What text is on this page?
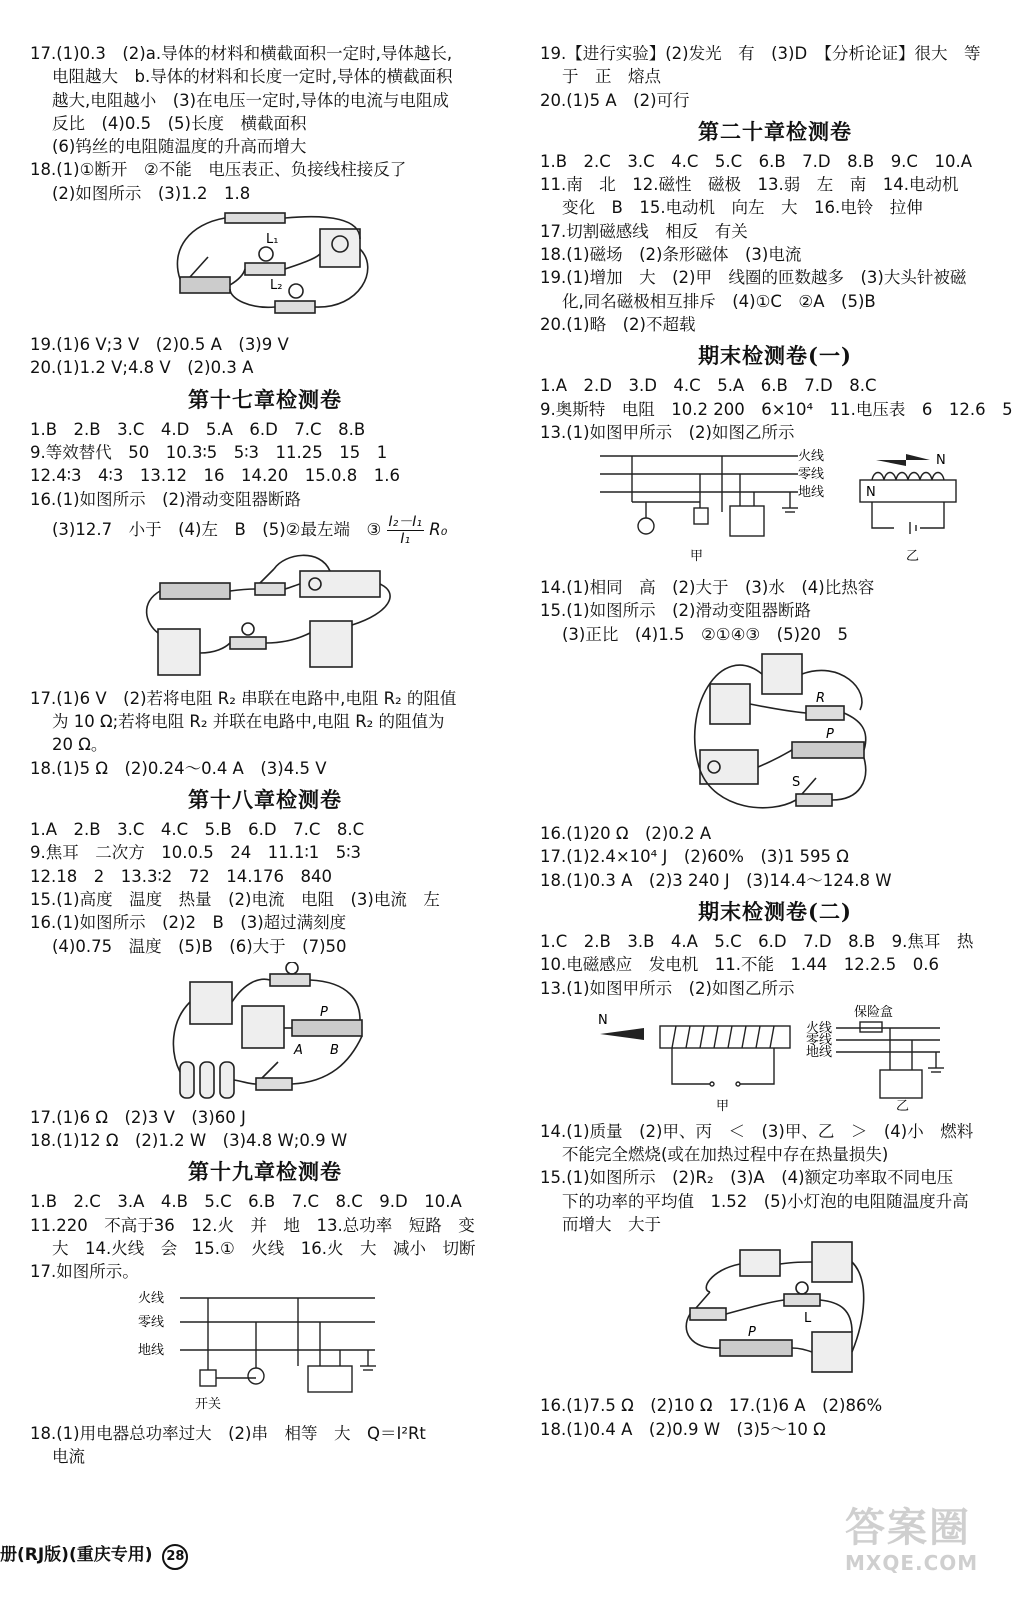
17.(1)0.3　(2)a.导体的材料和横截面积一定时,导体越长,
电阻越大　b.导体的材料和长度一定时,导体的横截面积
越大,电阻越小　(3)在电压一定时,导体的电流与电阻成
反比　(4)0.5　(5)长度　横截面积
(6)钨丝的电阻随温度的升高而增大
18.(1)①断开　②不能　电压表正、负接线柱接反了
(2)如图所示　(3)1.2　1.8
L₁
L₂
19.(1)6 V;3 V　(2)0.5 A　(3)9 V
20.(1)1.2 V;4.8 V　(2)0.3 A
第十七章检测卷
1.B　2.B　3.C　4.D　5.A　6.D　7.C　8.B
9.等效替代　50　10.3∶5　5∶3　11.25　15　1
12.4∶3　4∶3　13.12　16　14.20　15.0.8　1.6
16.(1)如图所示　(2)滑动变阻器断路
(3)12.7　小于　(4)左　B　(5)②最左端　③ $\frac{\text{I₂－I₁}}{\text{I₁}} R_0$
17.(1)6 V　(2)若将电阻 R₂ 串联在电路中,电阻 R₂ 的阻值
为 10 Ω;若将电阻 R₂ 并联在电路中,电阻 R₂ 的阻值为
20 Ω。
18.(1)5 Ω　(2)0.24～0.4 A　(3)4.5 V
第十八章检测卷
1.A　2.B　3.C　4.C　5.B　6.D　7.C　8.C
9.焦耳　二次方　10.0.5　24　11.1∶1　5∶3
12.18　2　13.3∶2　72　14.176　840
15.(1)高度　温度　热量　(2)电流　电阻　(3)电流　左
16.(1)如图所示　(2)2　B　(3)超过满刻度
(4)0.75　温度　(5)B　(6)大于　(7)50
P
A B
17.(1)6 Ω　(2)3 V　(3)60 J
18.(1)12 Ω　(2)1.2 W　(3)4.8 W;0.9 W
第十九章检测卷
1.B　2.C　3.A　4.B　5.C　6.B　7.C　8.C　9.D　10.A
11.220　不高于36　12.火　并　地　13.总功率　短路　变
大　14.火线　会　15.①　火线　16.火　大　减小　切断
17.如图所示。
火线
零线
地线
开关
18.(1)用电器总功率过大　(2)串　相等　大　Q＝I²Rt
电流
19.【进行实验】(2)发光　有　(3)D　【分析论证】很大　等
于　正　熔点
20.(1)5 A　(2)可行
第二十章检测卷
1.B　2.C　3.C　4.C　5.C　6.B　7.D　8.B　9.C　10.A
11.南　北　12.磁性　磁极　13.弱　左　南　14.电动机
变化　B　15.电动机　向左　大　16.电铃　拉伸
17.切割磁感线　相反　有关
18.(1)磁场　(2)条形磁体　(3)电流
19.(1)增加　大　(2)甲　线圈的匝数越多　(3)大头针被磁
化,同名磁极相互排斥　(4)①C　②A　(5)B
20.(1)略　(2)不超载
期末检测卷(一)
1.A　2.D　3.D　4.C　5.A　6.B　7.D　8.C
9.奥斯特　电阻　10.2 200　6×10⁴　11.电压表　6　12.6　5
13.(1)如图甲所示　(2)如图乙所示
火线
零线
地线
甲
N
N
乙
14.(1)相同　高　(2)大于　(3)水　(4)比热容
15.(1)如图所示　(2)滑动变阻器断路
(3)正比　(4)1.5　②①④③　(5)20　5
R
P
S
16.(1)20 Ω　(2)0.2 A
17.(1)2.4×10⁴ J　(2)60%　(3)1 595 Ω
18.(1)0.3 A　(2)3 240 J　(3)14.4～124.8 W
期末检测卷(二)
1.C　2.B　3.B　4.A　5.C　6.D　7.D　8.B　9.焦耳　热
10.电磁感应　发电机　11.不能　1.44　12.2.5　0.6
13.(1)如图甲所示　(2)如图乙所示
N
甲
保险盒
火线
零线
地线
乙
14.(1)质量　(2)甲、丙　＜　(3)甲、乙　＞　(4)小　燃料
不能完全燃烧(或在加热过程中存在热量损失)
15.(1)如图所示　(2)R₂　(3)A　(4)额定功率取不同电压
下的功率的平均值　1.52　(5)小灯泡的电阻随温度升高
而增大　大于
P
L
16.(1)7.5 Ω　(2)10 Ω　17.(1)6 A　(2)86%
18.(1)0.4 A　(2)0.9 W　(3)5～10 Ω
册(RJ版)(重庆专用) 28
答案圈
MXQE.COM
